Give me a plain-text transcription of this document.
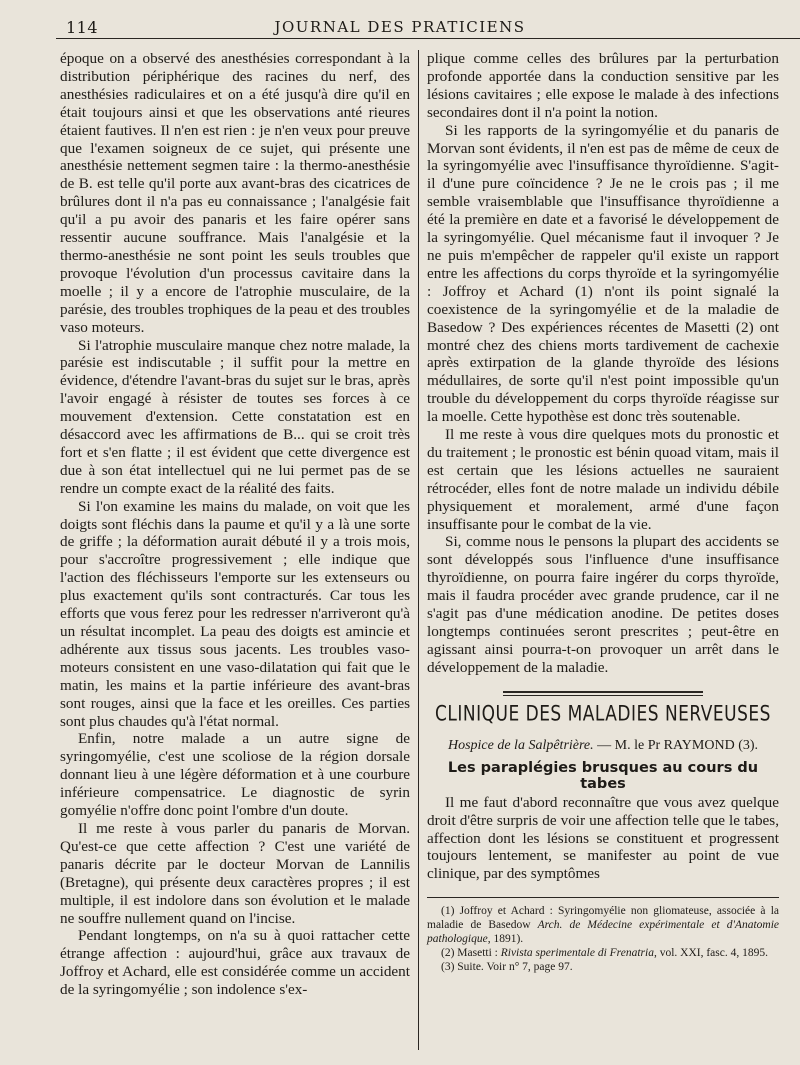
114	JOURNAL DES PRATICIENS

époque on a observé des anesthésies correspondant à la distribution périphérique des racines du nerf, des anesthésies radiculaires et on a été jusqu'à dire qu'il en était toujours ainsi et que les observations anté rieures étaient fautives. Il n'en est rien : je n'en veux pour preuve que l'examen soigneux de ce sujet, qui présente une anesthésie nettement segmen taire : la thermo-anesthésie de B. est telle qu'il porte aux avant-bras des cicatrices de brûlures dont il n'a pas eu connaissance ; l'analgésie fait qu'il a pu avoir des panaris et les faire opérer sans ressentir aucune souffrance. Mais l'analgésie et la thermo-anesthésie ne sont point les seuls troubles que provoque l'évolution d'un processus cavitaire dans la moelle ; il y a encore de l'atrophie musculaire, de la parésie, des troubles trophiques de la peau et des troubles vaso moteurs.

Si l'atrophie musculaire manque chez notre malade, la parésie est indiscutable ; il suffit pour la mettre en évidence, d'étendre l'avant-bras du sujet sur le bras, après l'avoir engagé à résister de toutes ses forces à ce mouvement d'extension. Cette constatation est en désaccord avec les affirmations de B... qui se croit très fort et s'en flatte ; il est évident que cette divergence est due à son état intellectuel qui ne lui permet pas de se rendre un compte exact de la réalité des faits.

Si l'on examine les mains du malade, on voit que les doigts sont fléchis dans la paume et qu'il y a là une sorte de griffe ; la déformation aurait débuté il y a trois mois, pour s'accroître progressivement ; elle indique que l'action des fléchisseurs l'emporte sur les extenseurs ou plus exactement qu'ils sont contracturés. Car tous les efforts que vous ferez pour les redresser n'arriveront qu'à un résultat incomplet. La peau des doigts est amincie et adhérente aux tissus sous jacents. Les troubles vaso-moteurs consistent en une vaso-dilatation qui fait que le matin, les mains et la partie inférieure des avant-bras sont rouges, ainsi que la face et les oreilles. Ces parties sont plus chaudes qu'à l'état normal.

Enfin, notre malade a un autre signe de syringomyélie, c'est une scoliose de la région dorsale donnant lieu à une légère déformation et à une courbure inférieure compensatrice. Le diagnostic de syrin gomyélie n'offre donc point l'ombre d'un doute.

Il me reste à vous parler du panaris de Morvan. Qu'est-ce que cette affection ? C'est une variété de panaris décrite par le docteur Morvan de Lannilis (Bretagne), qui présente deux caractères propres ; il est multiple, il est indolore dans son évolution et le malade ne souffre nullement quand on l'incise.

Pendant longtemps, on n'a su à quoi rattacher cette étrange affection : aujourd'hui, grâce aux travaux de Joffroy et Achard, elle est considérée comme un accident de la syringomyélie ; son indolence s'ex-

plique comme celles des brûlures par la perturbation profonde apportée dans la conduction sensitive par les lésions cavitaires ; elle expose le malade à des infections secondaires dont il n'a point la notion.

Si les rapports de la syringomyélie et du panaris de Morvan sont évidents, il n'en est pas de même de ceux de la syringomyélie avec l'insuffisance thyroïdienne. S'agit-il d'une pure coïncidence ? Je ne le crois pas ; il me semble vraisemblable que l'insuffisance thyroïdienne a été la première en date et a favorisé le développement de la syringomyélie. Quel mécanisme faut il invoquer ? Je ne puis m'empêcher de rappeler qu'il existe un rapport entre les affections du corps thyroïde et la syringomyélie : Joffroy et Achard (1) n'ont ils point signalé la coexistence de la syringomyélie et de la maladie de Basedow ? Des expériences récentes de Masetti (2) ont montré chez des chiens morts tardivement de cachexie après extirpation de la glande thyroïde des lésions médullaires, de sorte qu'il n'est point impossible qu'un trouble du développement du corps thyroïde réagisse sur la moelle. Cette hypothèse est donc très soutenable.

Il me reste à vous dire quelques mots du pronostic et du traitement ; le pronostic est bénin quoad vitam, mais il est certain que les lésions actuelles ne sauraient rétrocéder, elles font de notre malade un individu débile physiquement et moralement, armé d'une façon insuffisante pour le combat de la vie.

Si, comme nous le pensons la plupart des accidents se sont développés sous l'influence d'une insuffisance thyroïdienne, on pourra faire ingérer du corps thyroïde, mais il faudra procéder avec grande prudence, car il ne s'agit pas d'une médication anodine. De petites doses longtemps continuées seront prescrites ; peut-être en agissant ainsi pourra-t-on provoquer un arrêt dans le développement de la maladie.

CLINIQUE DES MALADIES NERVEUSES
Hospice de la Salpêtrière. — M. le Pr RAYMOND (3).
Les paraplégies brusques au cours du tabes

Il me faut d'abord reconnaître que vous avez quelque droit d'être surpris de voir une affection telle que le tabes, affection dont les lésions se constituent et progressent toujours lentement, se manifester au point de vue clinique, par des symptômes

(1) Joffroy et Achard : Syringomyélie non gliomateuse, associée à la maladie de Basedow Arch. de Médecine expérimentale et d'Anatomie pathologique, 1891).

(2) Masetti : Rivista sperimentale di Frenatria, vol. XXI, fasc. 4, 1895.

(3) Suite. Voir n° 7, page 97.
